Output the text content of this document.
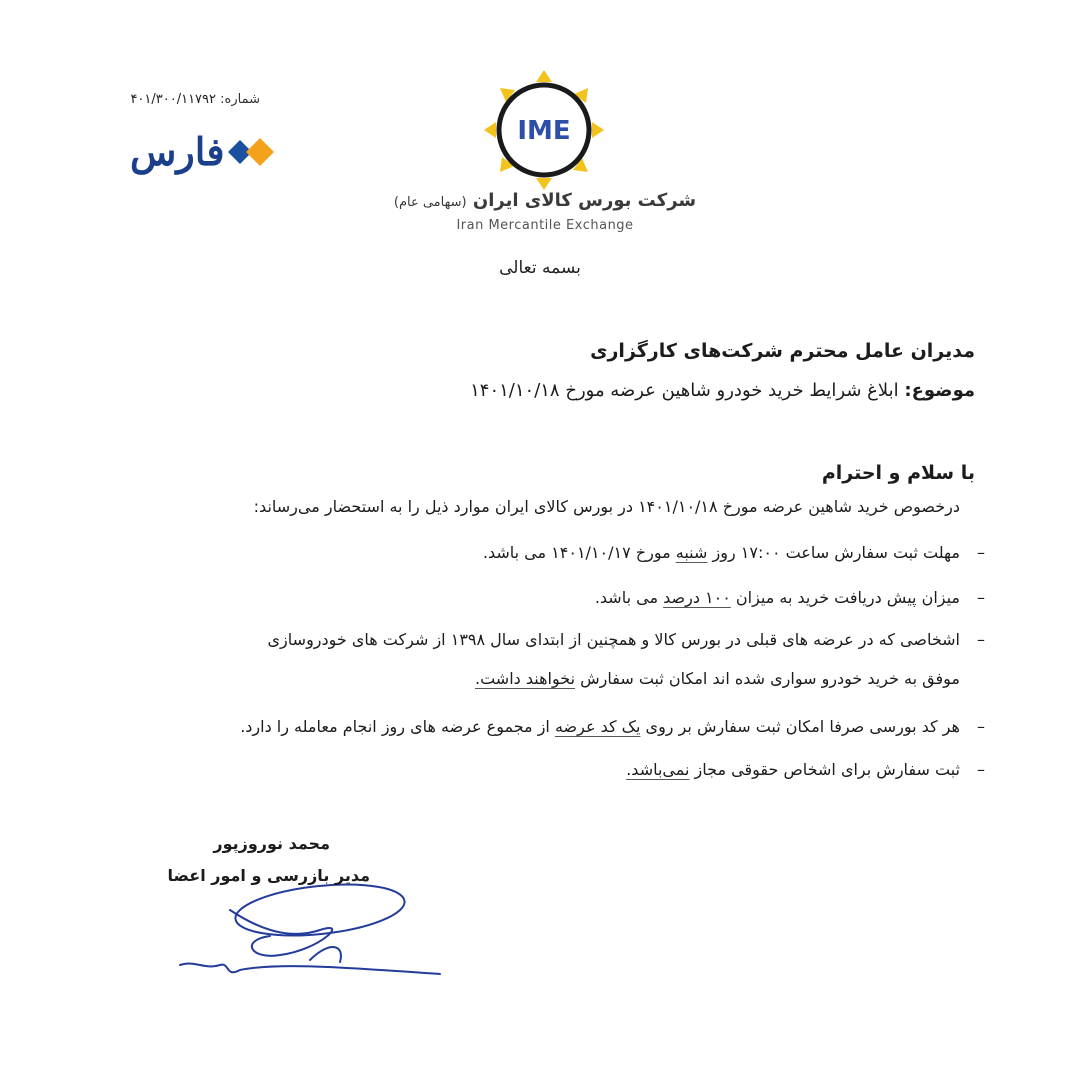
شماره: ۴۰۱/۳۰۰/۱۱۷۹۲
فارس	IME
شرکت بورس کالای ایران (سهامی عام)
Iran Mercantile Exchange
بسمه تعالی
مدیران عامل محترم شرکت‌های کارگزاری
موضوع: ابلاغ شرایط خرید خودرو شاهین عرضه مورخ ۱۴۰۱/۱۰/۱۸
با سلام و احترام
درخصوص خرید شاهین عرضه مورخ ۱۴۰۱/۱۰/۱۸ در بورس کالای ایران موارد ذیل را به استحضار می‌رساند:
–
مهلت ثبت سفارش ساعت ۱۷:۰۰ روز شنبه مورخ ۱۴۰۱/۱۰/۱۷ می باشد.
–
میزان پیش دریافت خرید به میزان ۱۰۰ درصد می باشد.
–
اشخاصی که در عرضه های قبلی در بورس کالا و همچنین از ابتدای سال ۱۳۹۸ از شرکت های خودروسازی
موفق به خرید خودرو سواری شده اند امکان ثبت سفارش نخواهند داشت.
–
هر کد بورسی صرفا امکان ثبت سفارش بر روی یک کد عرضه از مجموع عرضه های روز انجام معامله را دارد.
–
ثبت سفارش برای اشخاص حقوقی مجاز نمی‌باشد.
محمد نوروزپور
مدیر بازرسی و امور اعضا
